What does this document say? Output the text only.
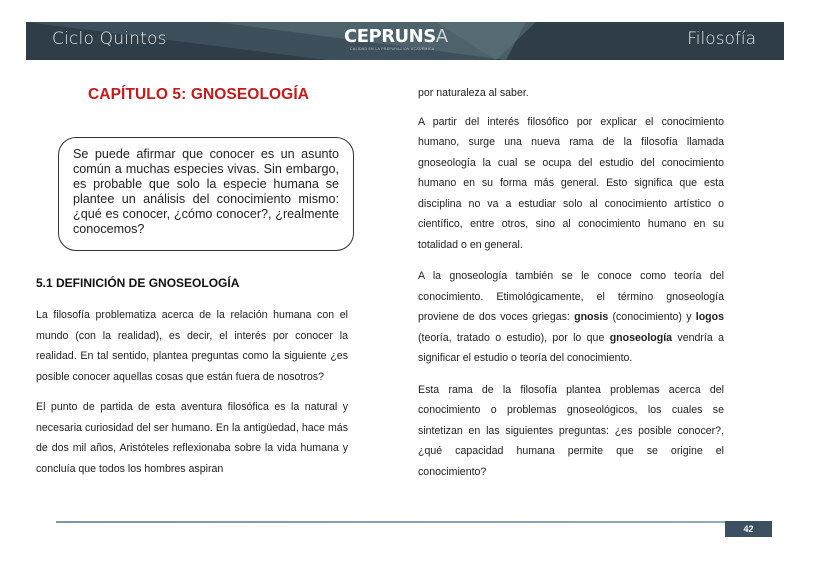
Ciclo Quintos	CEPRUNSA
CALIDAD EN LA PREPARACIÓN ACADÉMICA	Filosofía
CAPÍTULO 5: GNOSEOLOGÍA

Se puede afirmar que conocer es un asunto común a muchas especies vivas. Sin embargo, es probable que solo la especie humana se plantee un análisis del conocimiento mismo: ¿qué es conocer, ¿cómo conocer?, ¿realmente conocemos?

5.1 DEFINICIÓN DE GNOSEOLOGÍA

La filosofía problematiza acerca de la relación humana con el mundo (con la realidad), es decir, el interés por conocer la realidad. En tal sentido, plantea preguntas como la siguiente ¿es posible conocer aquellas cosas que están fuera de nosotros?

El punto de partida de esta aventura filosófica es la natural y necesaria curiosidad del ser humano. En la antigüedad, hace más de dos mil años, Aristóteles reflexionaba sobre la vida humana y concluía que todos los hombres aspiran

por naturaleza al saber.

A partir del interés filosófico por explicar el conocimiento humano, surge una nueva rama de la filosofía llamada gnoseología la cual se ocupa del estudio del conocimiento humano en su forma más general. Esto significa que esta disciplina no va a estudiar solo al conocimiento artístico o científico, entre otros, sino al conocimiento humano en su totalidad o en general.

A la gnoseología también se le conoce como teoría del conocimiento. Etimológicamente, el término gnoseología proviene de dos voces griegas: gnosis (conocimiento) y logos (teoría, tratado o estudio), por lo que gnoseología vendría a significar el estudio o teoría del conocimiento.

Esta rama de la filosofía plantea problemas acerca del conocimiento o problemas gnoseológicos, los cuales se sintetizan en las siguientes preguntas: ¿es posible conocer?, ¿qué capacidad humana permite que se origine el conocimiento?

42
